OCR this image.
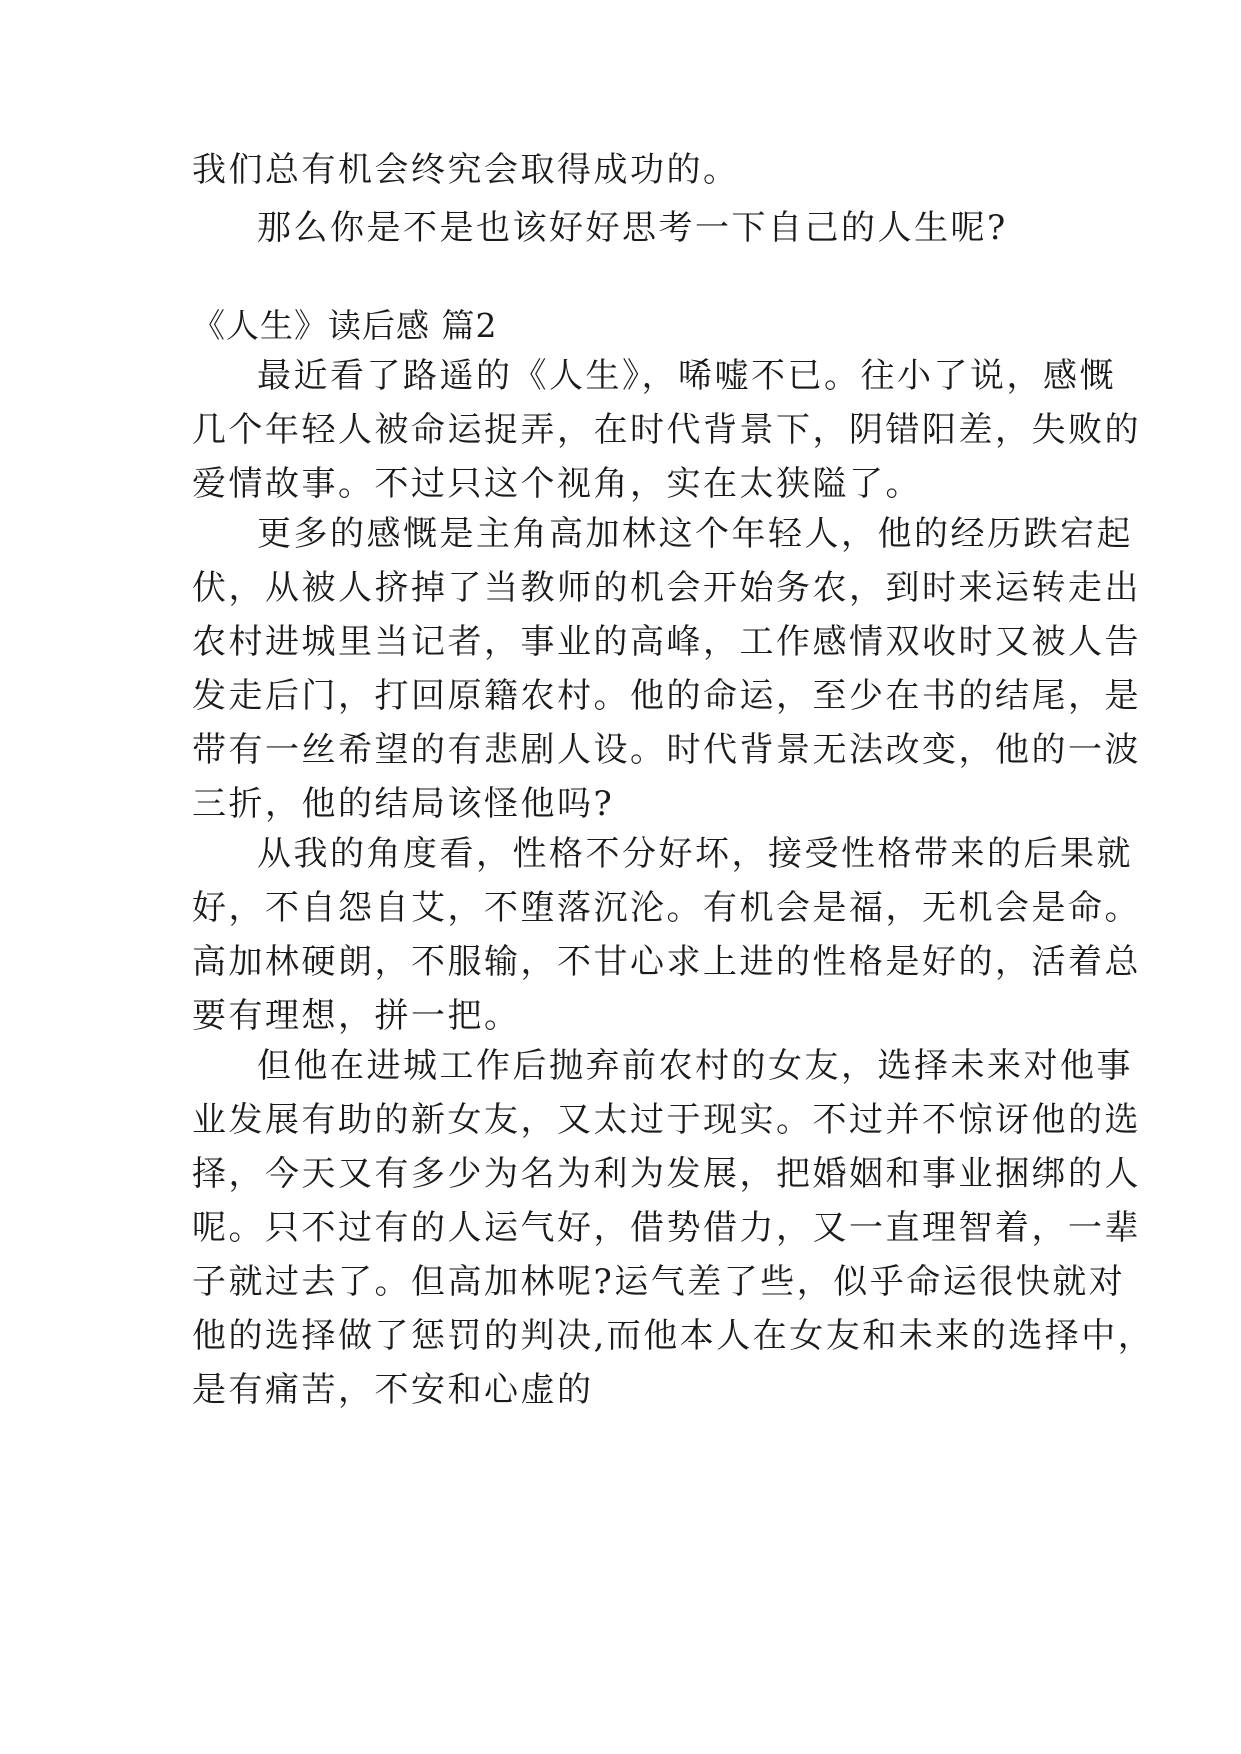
我们总有机会终究会取得成功的。

那么你是不是也该好好思考一下自己的人生呢?

《人生》读后感 篇2

最近看了路遥的《人生》，唏嘘不已。往小了说，感慨

几个年轻人被命运捉弄，在时代背景下，阴错阳差，失败的

爱情故事。不过只这个视角，实在太狭隘了。

更多的感慨是主角高加林这个年轻人，他的经历跌宕起

伏，从被人挤掉了当教师的机会开始务农，到时来运转走出

农村进城里当记者，事业的高峰，工作感情双收时又被人告

发走后门，打回原籍农村。他的命运，至少在书的结尾，是

带有一丝希望的有悲剧人设。时代背景无法改变，他的一波

三折，他的结局该怪他吗?

从我的角度看，性格不分好坏，接受性格带来的后果就

好，不自怨自艾，不堕落沉沦。有机会是福，无机会是命。

高加林硬朗，不服输，不甘心求上进的性格是好的，活着总

要有理想，拼一把。

但他在进城工作后抛弃前农村的女友，选择未来对他事

业发展有助的新女友，又太过于现实。不过并不惊讶他的选

择，今天又有多少为名为利为发展，把婚姻和事业捆绑的人

呢。只不过有的人运气好，借势借力，又一直理智着，一辈

子就过去了。但高加林呢?运气差了些，似乎命运很快就对

他的选择做了惩罚的判决,而他本人在女友和未来的选择中，

是有痛苦，不安和心虚的
